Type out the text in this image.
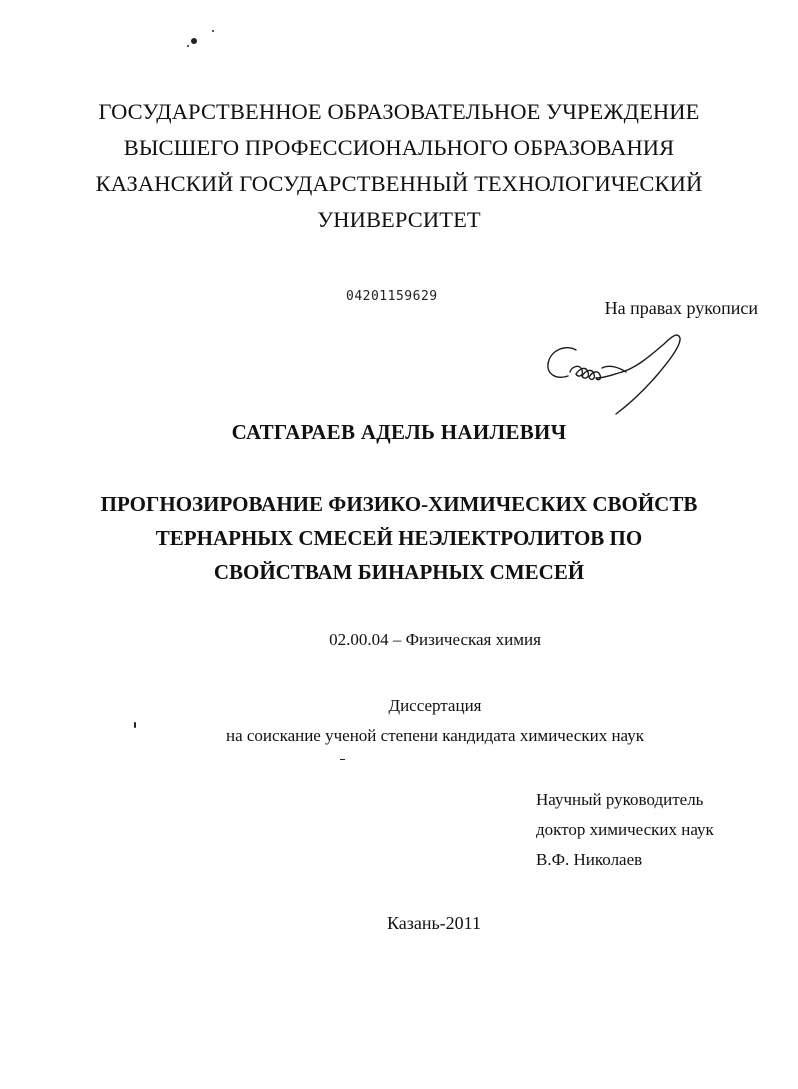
ГОСУДАРСТВЕННОЕ ОБРАЗОВАТЕЛЬНОЕ УЧРЕЖДЕНИЕ
ВЫСШЕГО ПРОФЕССИОНАЛЬНОГО ОБРАЗОВАНИЯ
КАЗАНСКИЙ ГОСУДАРСТВЕННЫЙ ТЕХНОЛОГИЧЕСКИЙ
УНИВЕРСИТЕТ
04201159629
На правах рукописи
САТГАРАЕВ АДЕЛЬ НАИЛЕВИЧ
ПРОГНОЗИРОВАНИЕ ФИЗИКО-ХИМИЧЕСКИХ СВОЙСТВ
ТЕРНАРНЫХ СМЕСЕЙ НЕЭЛЕКТРОЛИТОВ ПО
СВОЙСТВАМ БИНАРНЫХ СМЕСЕЙ
02.00.04 – Физическая химия
Диссертация
на соискание ученой степени кандидата химических наук
Научный руководитель
доктор химических наук
В.Ф. Николаев
Казань-2011
